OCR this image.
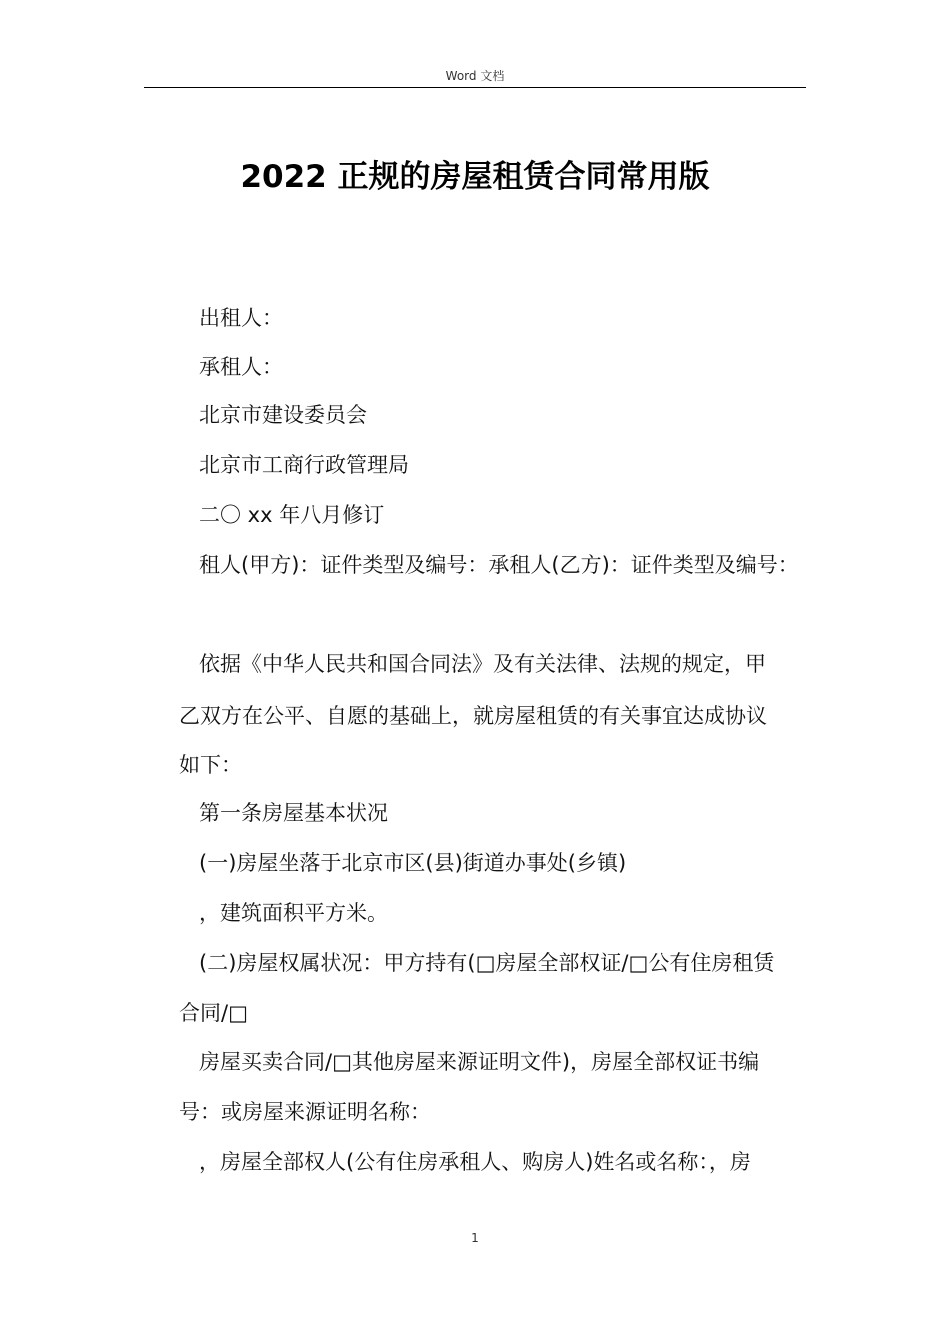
Word 文档
2022 正规的房屋租赁合同常用版
出租人：
承租人：
北京市建设委员会
北京市工商行政管理局
二〇 xx 年八月修订
租人(甲方)：证件类型及编号：承租人(乙方)：证件类型及编号：
依据《中华人民共和国合同法》及有关法律、法规的规定，甲
乙双方在公平、自愿的基础上，就房屋租赁的有关事宜达成协议
如下：
第一条房屋基本状况
(一)房屋坐落于北京市区(县)街道办事处(乡镇)
，建筑面积平方米。
(二)房屋权属状况：甲方持有(□房屋全部权证/□公有住房租赁
合同/□
房屋买卖合同/□其他房屋来源证明文件)，房屋全部权证书编
号：或房屋来源证明名称：
，房屋全部权人(公有住房承租人、购房人)姓名或名称：，房
1
